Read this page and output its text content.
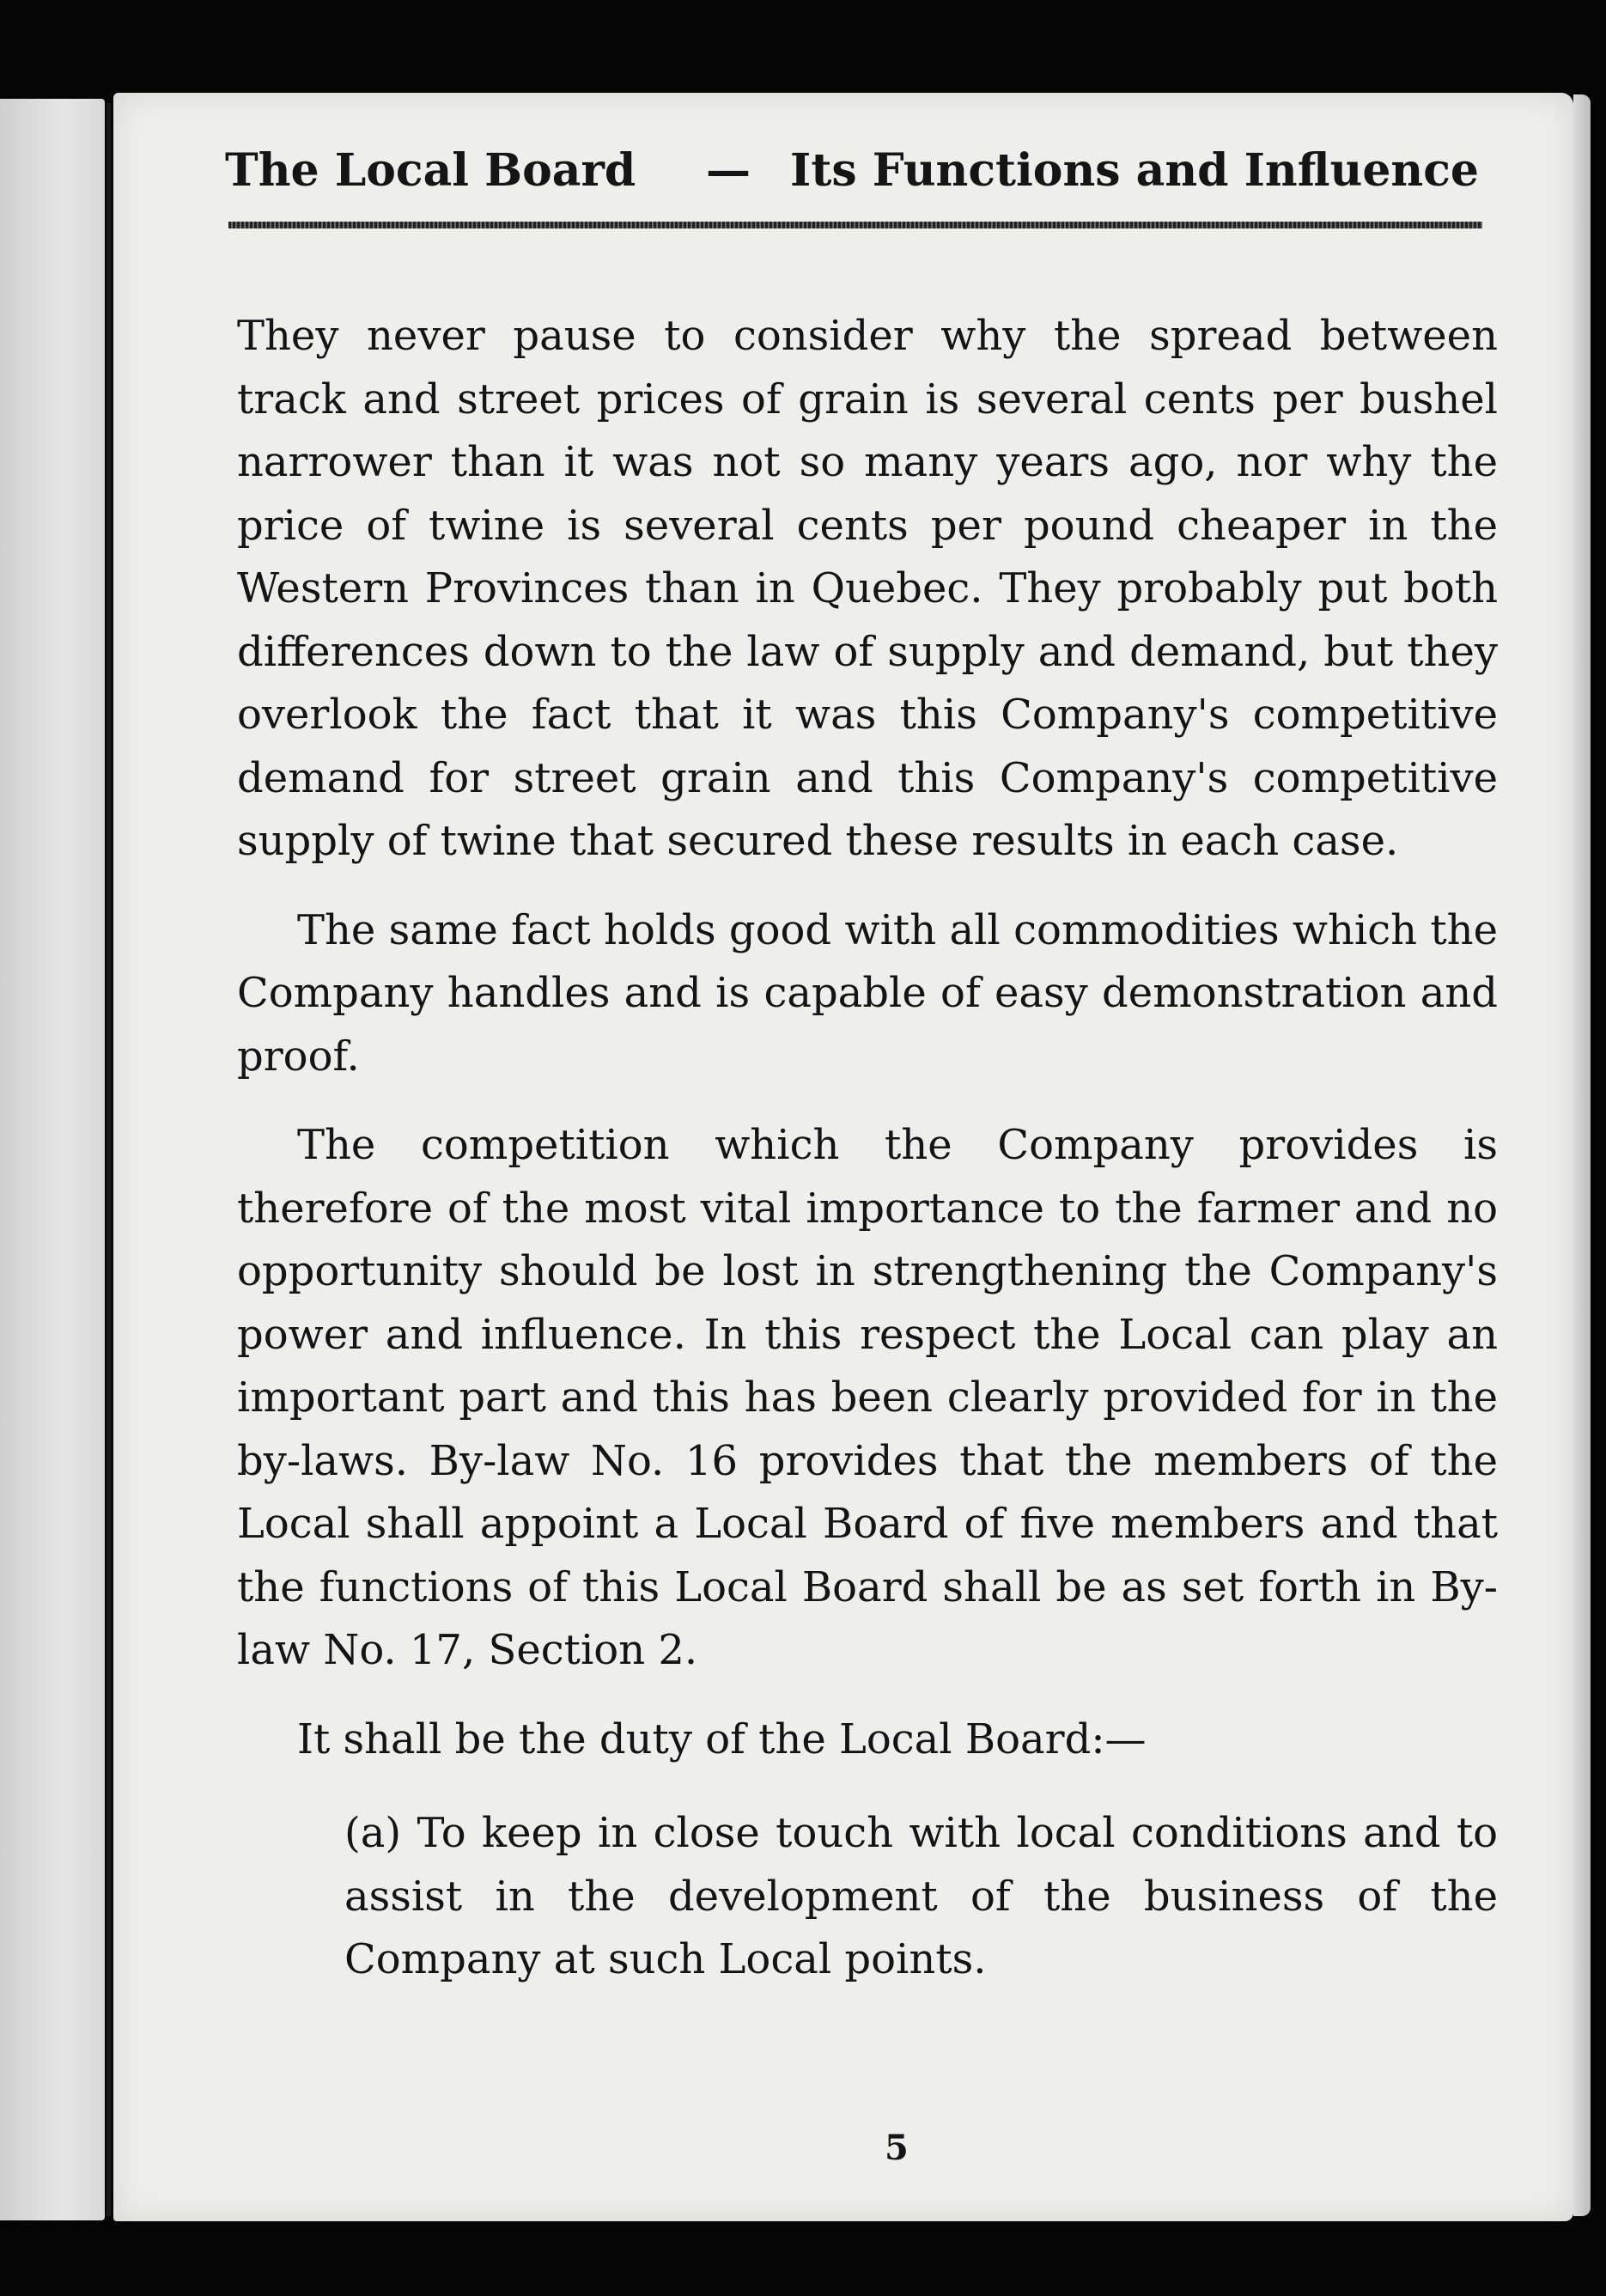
The Local Board — Its Functions and Influence

They never pause to consider why the spread between track and street prices of grain is several cents per bushel narrower than it was not so many years ago, nor why the price of twine is several cents per pound cheaper in the Western Provinces than in Quebec. They probably put both differences down to the law of supply and demand, but they overlook the fact that it was this Company's competitive demand for street grain and this Company's competitive supply of twine that secured these results in each case.

The same fact holds good with all commodities which the Company handles and is capable of easy demonstration and proof.

The competition which the Company provides is therefore of the most vital importance to the farmer and no opportunity should be lost in strengthening the Company's power and influence. In this respect the Local can play an important part and this has been clearly provided for in the by-laws. By-law No. 16 provides that the members of the Local shall appoint a Local Board of five members and that the functions of this Local Board shall be as set forth in By-law No. 17, Section 2.

It shall be the duty of the Local Board:—

(a) To keep in close touch with local conditions and to assist in the development of the business of the Company at such Local points.

5
